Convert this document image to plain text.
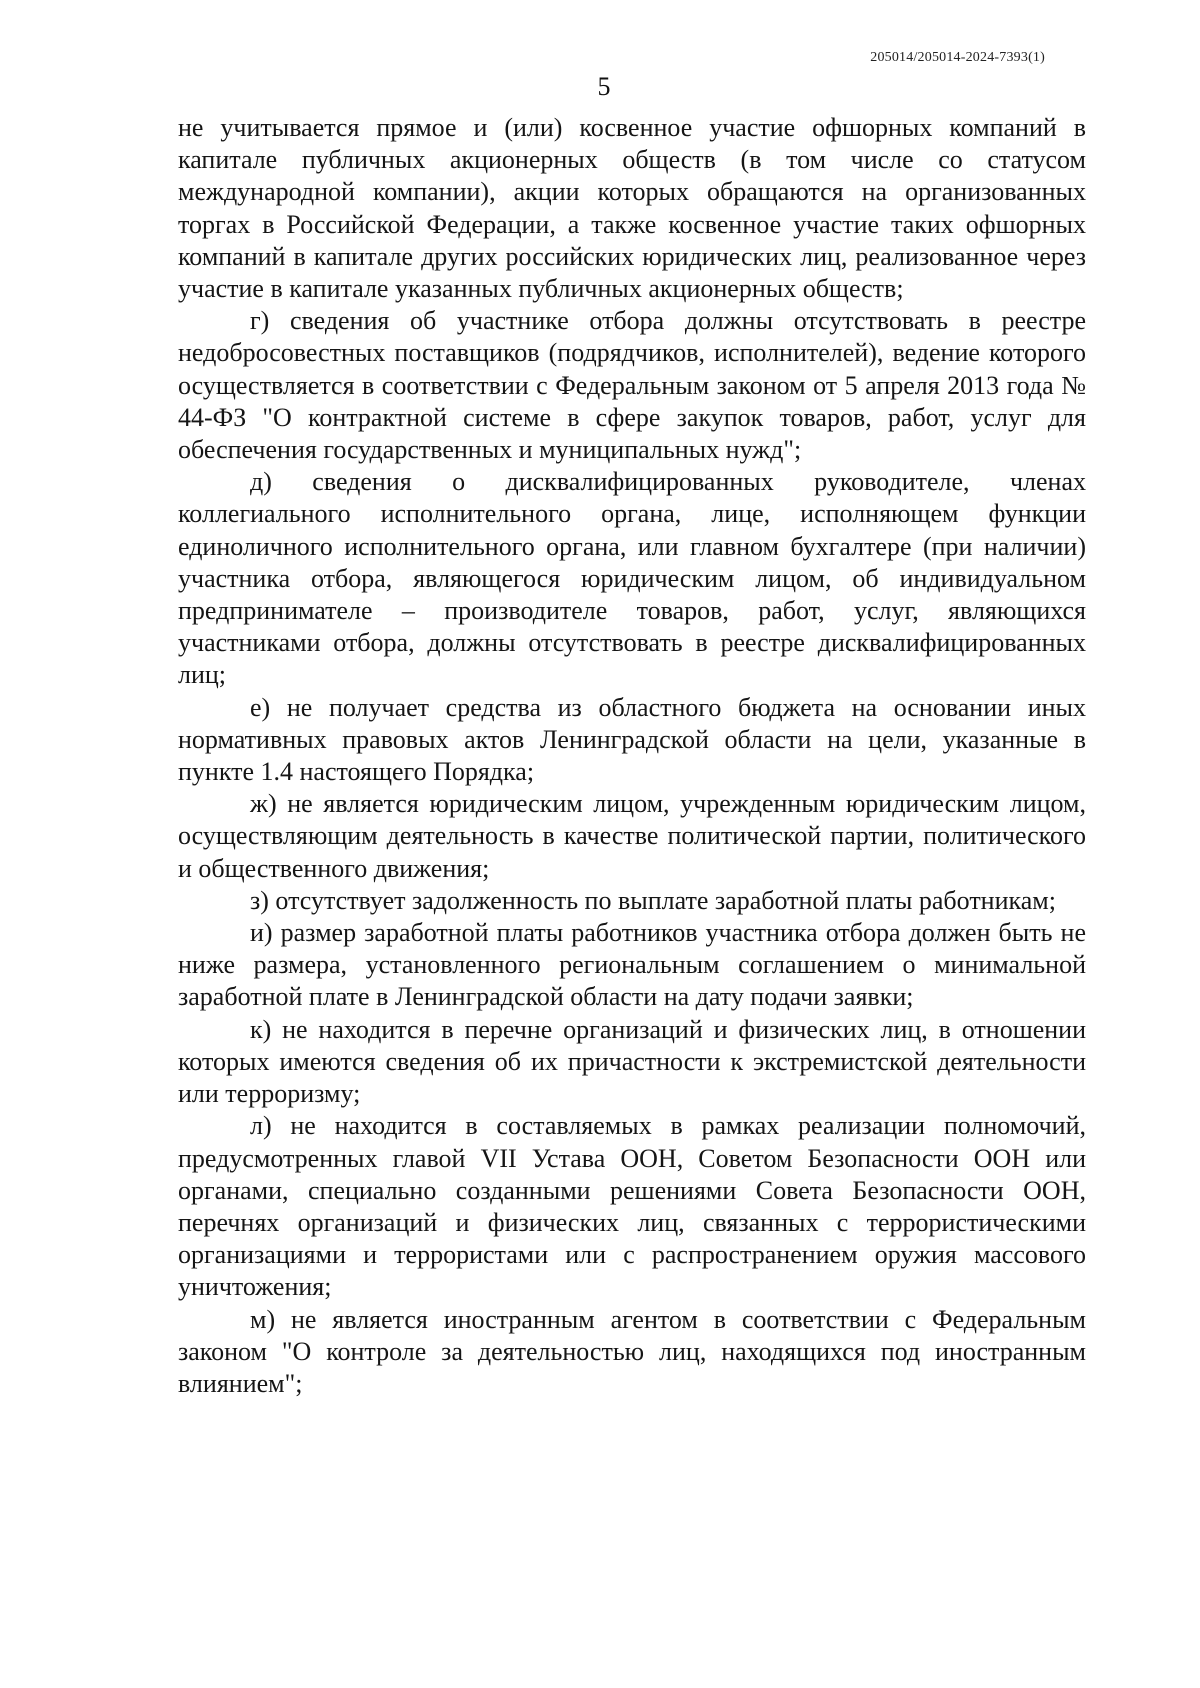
205014/205014-2024-7393(1)
5

не учитывается прямое и (или) косвенное участие офшорных компаний в капитале публичных акционерных обществ (в том числе со статусом международной компании), акции которых обращаются на организованных торгах в Российской Федерации, а также косвенное участие таких офшорных компаний в капитале других российских юридических лиц, реализованное через участие в капитале указанных публичных акционерных обществ;

г) сведения об участнике отбора должны отсутствовать в реестре недобросовестных поставщиков (подрядчиков, исполнителей), ведение которого осуществляется в соответствии с Федеральным законом от 5 апреля 2013 года № 44-ФЗ "О контрактной системе в сфере закупок товаров, работ, услуг для обеспечения государственных и муниципальных нужд";

д) сведения о дисквалифицированных руководителе, членах коллегиального исполнительного органа, лице, исполняющем функции единоличного исполнительного органа, или главном бухгалтере (при наличии) участника отбора, являющегося юридическим лицом, об индивидуальном предпринимателе – производителе товаров, работ, услуг, являющихся участниками отбора, должны отсутствовать в реестре дисквалифицированных лиц;

е) не получает средства из областного бюджета на основании иных нормативных правовых актов Ленинградской области на цели, указанные в пункте 1.4 настоящего Порядка;

ж) не является юридическим лицом, учрежденным юридическим лицом, осуществляющим деятельность в качестве политической партии, политического и общественного движения;

з) отсутствует задолженность по выплате заработной платы работникам;

и) размер заработной платы работников участника отбора должен быть не ниже размера, установленного региональным соглашением о минимальной заработной плате в Ленинградской области на дату подачи заявки;

к) не находится в перечне организаций и физических лиц, в отношении которых имеются сведения об их причастности к экстремистской деятельности или терроризму;

л) не находится в составляемых в рамках реализации полномочий, предусмотренных главой VII Устава ООН, Советом Безопасности ООН или органами, специально созданными решениями Совета Безопасности ООН, перечнях организаций и физических лиц, связанных с террористическими организациями и террористами или с распространением оружия массового уничтожения;

м) не является иностранным агентом в соответствии с Федеральным законом "О контроле за деятельностью лиц, находящихся под иностранным влиянием";
